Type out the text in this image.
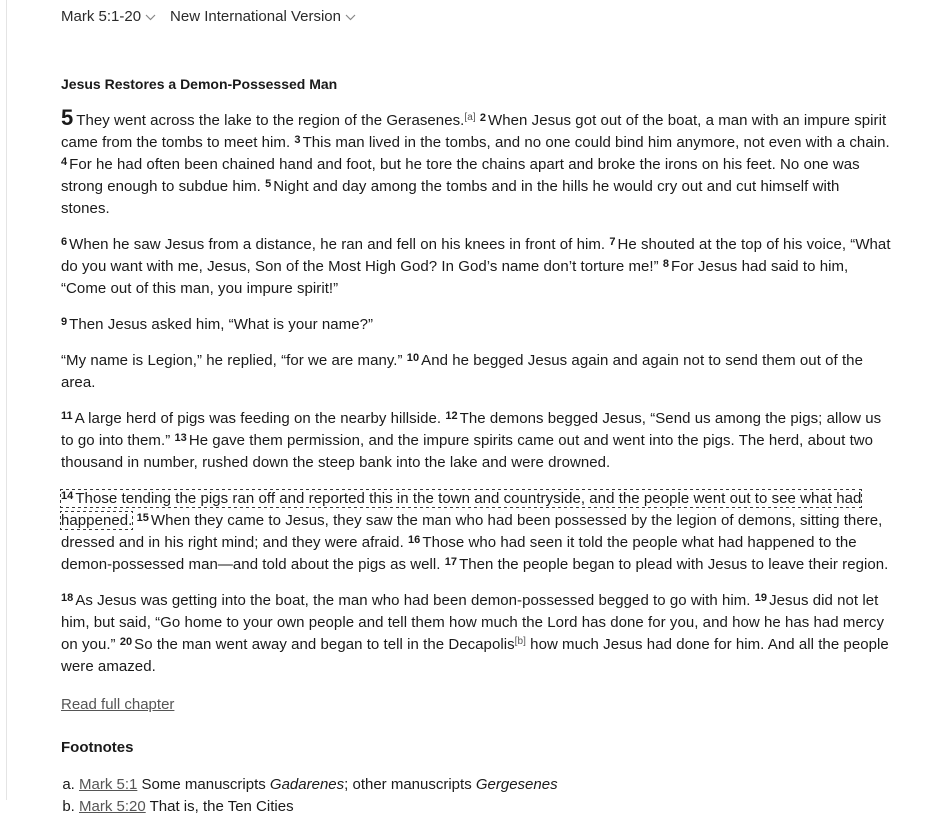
Mark 5:1-20 New International Version
Jesus Restores a Demon-Possessed Man

5 They went across the lake to the region of the Gerasenes.[a] $^2$ When Jesus got out of the boat, a man with an impure spirit came from the tombs to meet him. $^3$ This man lived in the tombs, and no one could bind him anymore, not even with a chain. $^4$ For he had often been chained hand and foot, but he tore the chains apart and broke the irons on his feet. No one was strong enough to subdue him. $^5$ Night and day among the tombs and in the hills he would cry out and cut himself with stones.

$^6$ When he saw Jesus from a distance, he ran and fell on his knees in front of him. $^7$ He shouted at the top of his voice, “What do you want with me, Jesus, Son of the Most High God? In God’s name don’t torture me!” $^8$ For Jesus had said to him, “Come out of this man, you impure spirit!”

$^9$ Then Jesus asked him, “What is your name?”

“My name is Legion,” he replied, “for we are many.” $^{10}$ And he begged Jesus again and again not to send them out of the area.

$^{11}$ A large herd of pigs was feeding on the nearby hillside. $^{12}$ The demons begged Jesus, “Send us among the pigs; allow us to go into them.” $^{13}$ He gave them permission, and the impure spirits came out and went into the pigs. The herd, about two thousand in number, rushed down the steep bank into the lake and were drowned.

$^{14}$ Those tending the pigs ran off and reported this in the town and countryside, and the people went out to see what had happened. $^{15}$ When they came to Jesus, they saw the man who had been possessed by the legion of demons, sitting there, dressed and in his right mind; and they were afraid. $^{16}$ Those who had seen it told the people what had happened to the demon-possessed man—and told about the pigs as well. $^{17}$ Then the people began to plead with Jesus to leave their region.

$^{18}$ As Jesus was getting into the boat, the man who had been demon-possessed begged to go with him. $^{19}$ Jesus did not let him, but said, “Go home to your own people and tell them how much the Lord has done for you, and how he has had mercy on you.” $^{20}$ So the man went away and began to tell in the Decapolis[b] how much Jesus had done for him. And all the people were amazed.

Read full chapter
Footnotes
a. Mark 5:1 Some manuscripts Gadarenes; other manuscripts Gergesenes
b. Mark 5:20 That is, the Ten Cities
